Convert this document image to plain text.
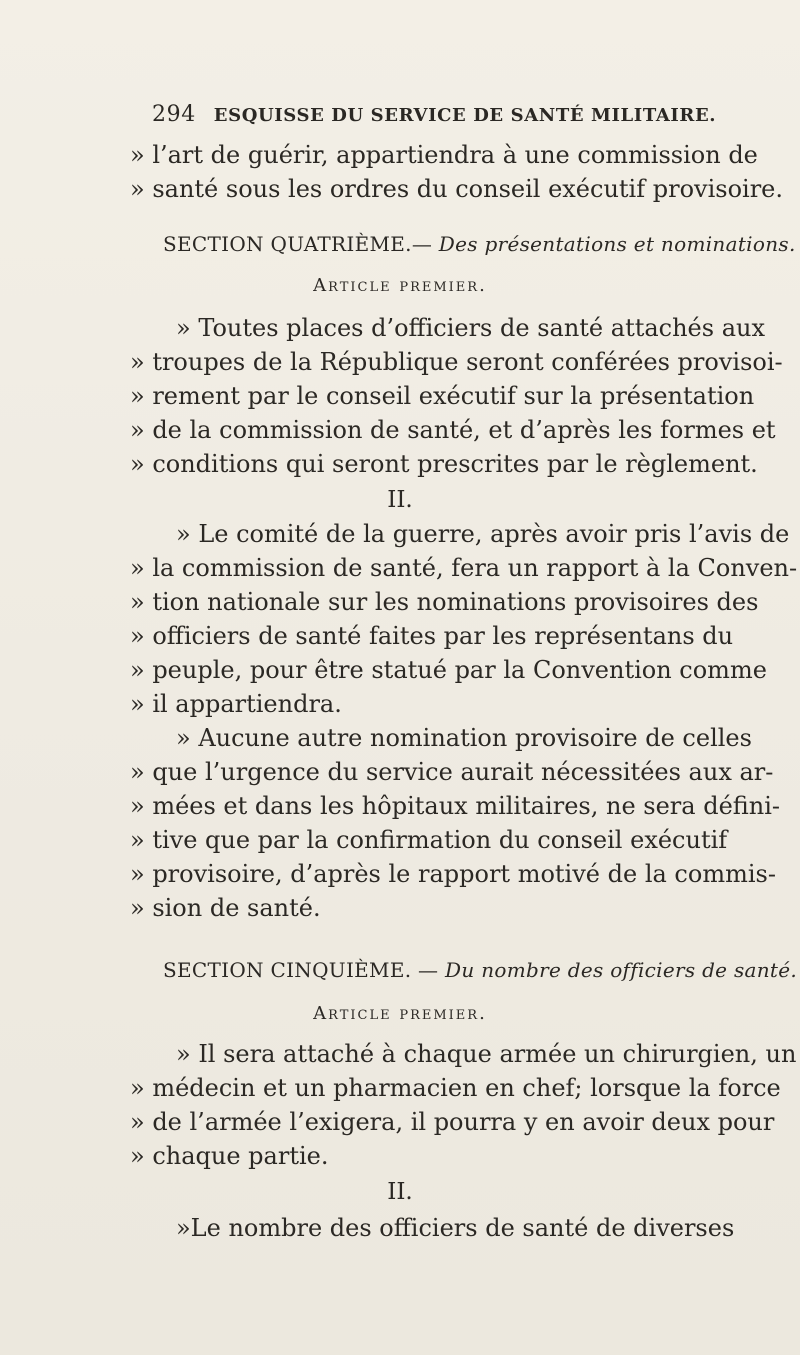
294 ESQUISSE DU SERVICE DE SANTÉ MILITAIRE.
» l’art de guérir, appartiendra à une commission de
» santé sous les ordres du conseil exécutif provisoire.
SECTION QUATRIÈME.— Des présentations et nominations.
Article premier.
» Toutes places d’officiers de santé attachés aux
» troupes de la République seront conférées provisoi-
» rement par le conseil exécutif sur la présentation
» de la commission de santé, et d’après les formes et
» conditions qui seront prescrites par le règlement.
II.
» Le comité de la guerre, après avoir pris l’avis de
» la commission de santé, fera un rapport à la Conven-
» tion nationale sur les nominations provisoires des
» officiers de santé faites par les représentans du
» peuple, pour être statué par la Convention comme
» il appartiendra.
» Aucune autre nomination provisoire de celles
» que l’urgence du service aurait nécessitées aux ar-
» mées et dans les hôpitaux militaires, ne sera défini-
» tive que par la confirmation du conseil exécutif
» provisoire, d’après le rapport motivé de la commis-
» sion de santé.
SECTION CINQUIÈME. — Du nombre des officiers de santé.
Article premier.
» Il sera attaché à chaque armée un chirurgien, un
» médecin et un pharmacien en chef; lorsque la force
» de l’armée l’exigera, il pourra y en avoir deux pour
» chaque partie.
II.
»Le nombre des officiers de santé de diverses
